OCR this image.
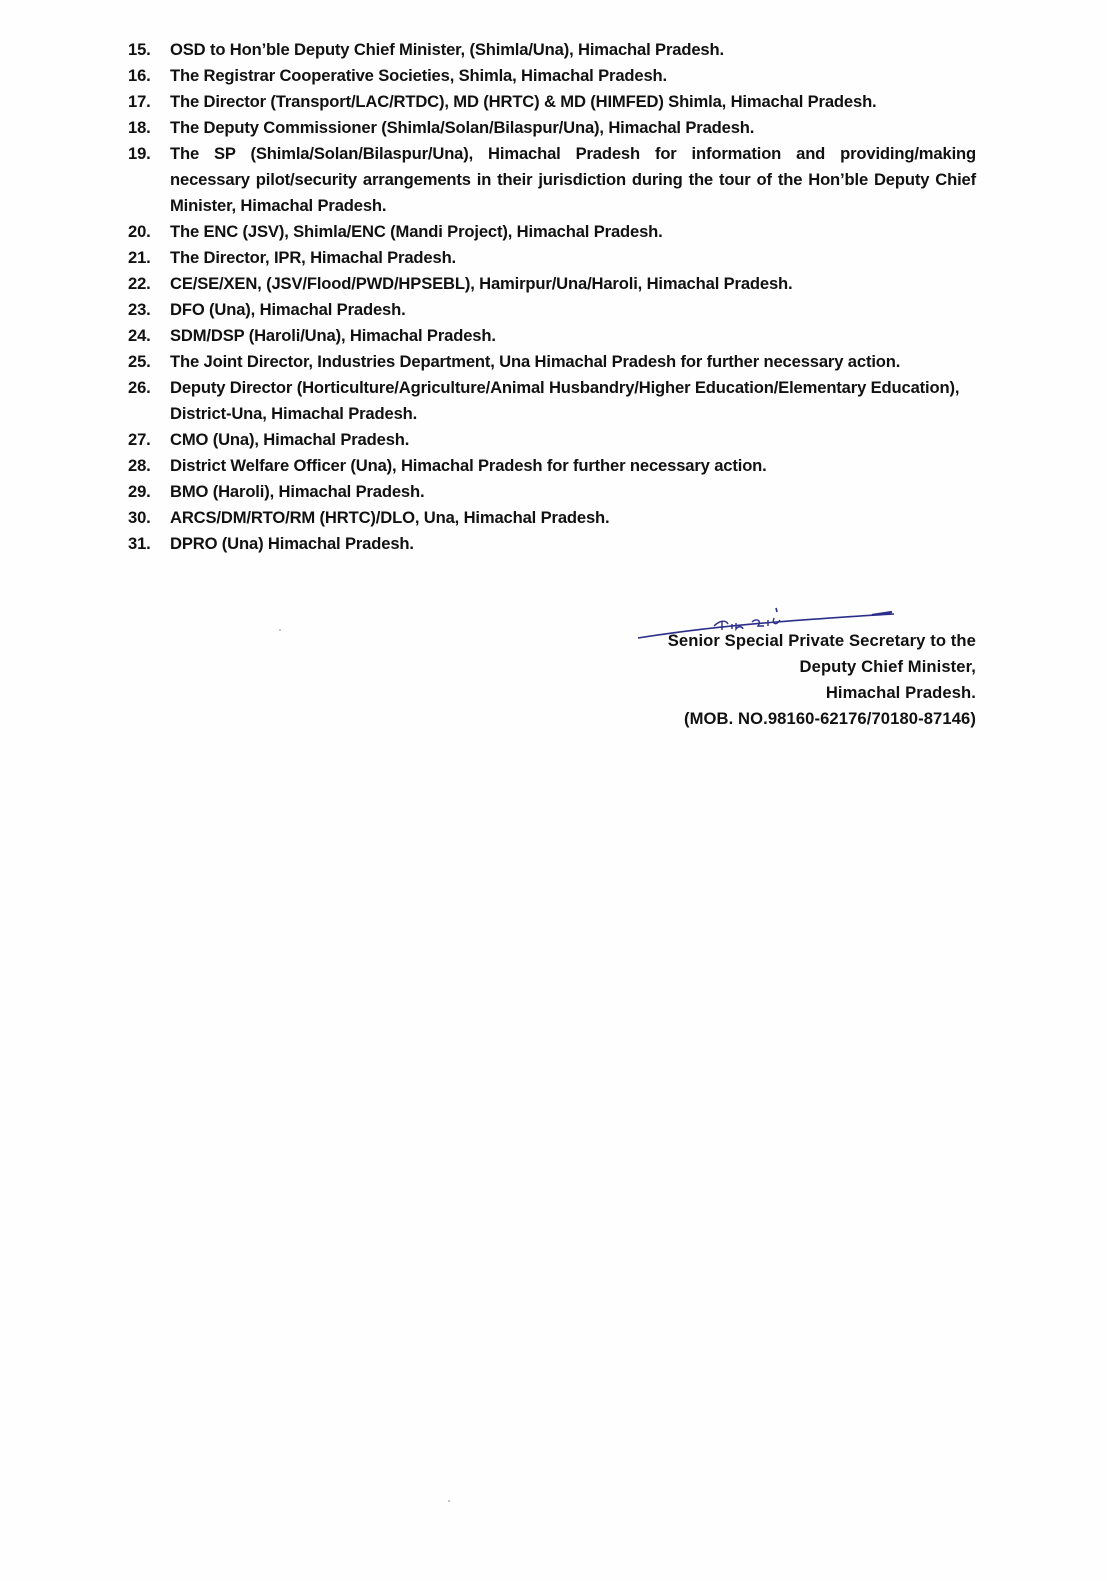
15.	OSD to Hon’ble Deputy Chief Minister, (Shimla/Una), Himachal Pradesh.
16.	The Registrar Cooperative Societies, Shimla, Himachal Pradesh.
17.	The Director (Transport/LAC/RTDC), MD (HRTC) & MD (HIMFED) Shimla, Himachal Pradesh.
18.	The Deputy Commissioner (Shimla/Solan/Bilaspur/Una), Himachal Pradesh.
19.	The SP (Shimla/Solan/Bilaspur/Una), Himachal Pradesh for information and providing/making necessary pilot/security arrangements in their jurisdiction during the tour of the Hon’ble Deputy Chief Minister, Himachal Pradesh.
20.	The ENC (JSV), Shimla/ENC (Mandi Project), Himachal Pradesh.
21.	The Director, IPR, Himachal Pradesh.
22.	CE/SE/XEN, (JSV/Flood/PWD/HPSEBL), Hamirpur/Una/Haroli, Himachal Pradesh.
23.	DFO (Una), Himachal Pradesh.
24.	SDM/DSP (Haroli/Una), Himachal Pradesh.
25.	The Joint Director, Industries Department, Una Himachal Pradesh for further necessary action.
26.	Deputy Director (Horticulture/Agriculture/Animal Husbandry/Higher Education/Elementary Education), District-Una, Himachal Pradesh.
27.	CMO (Una), Himachal Pradesh.
28.	District Welfare Officer (Una), Himachal Pradesh for further necessary action.
29.	BMO (Haroli), Himachal Pradesh.
30.	ARCS/DM/RTO/RM (HRTC)/DLO, Una, Himachal Pradesh.
31.	DPRO (Una) Himachal Pradesh.
Senior Special Private Secretary to the
Deputy Chief Minister,
Himachal Pradesh.
(MOB. NO.98160-62176/70180-87146)
